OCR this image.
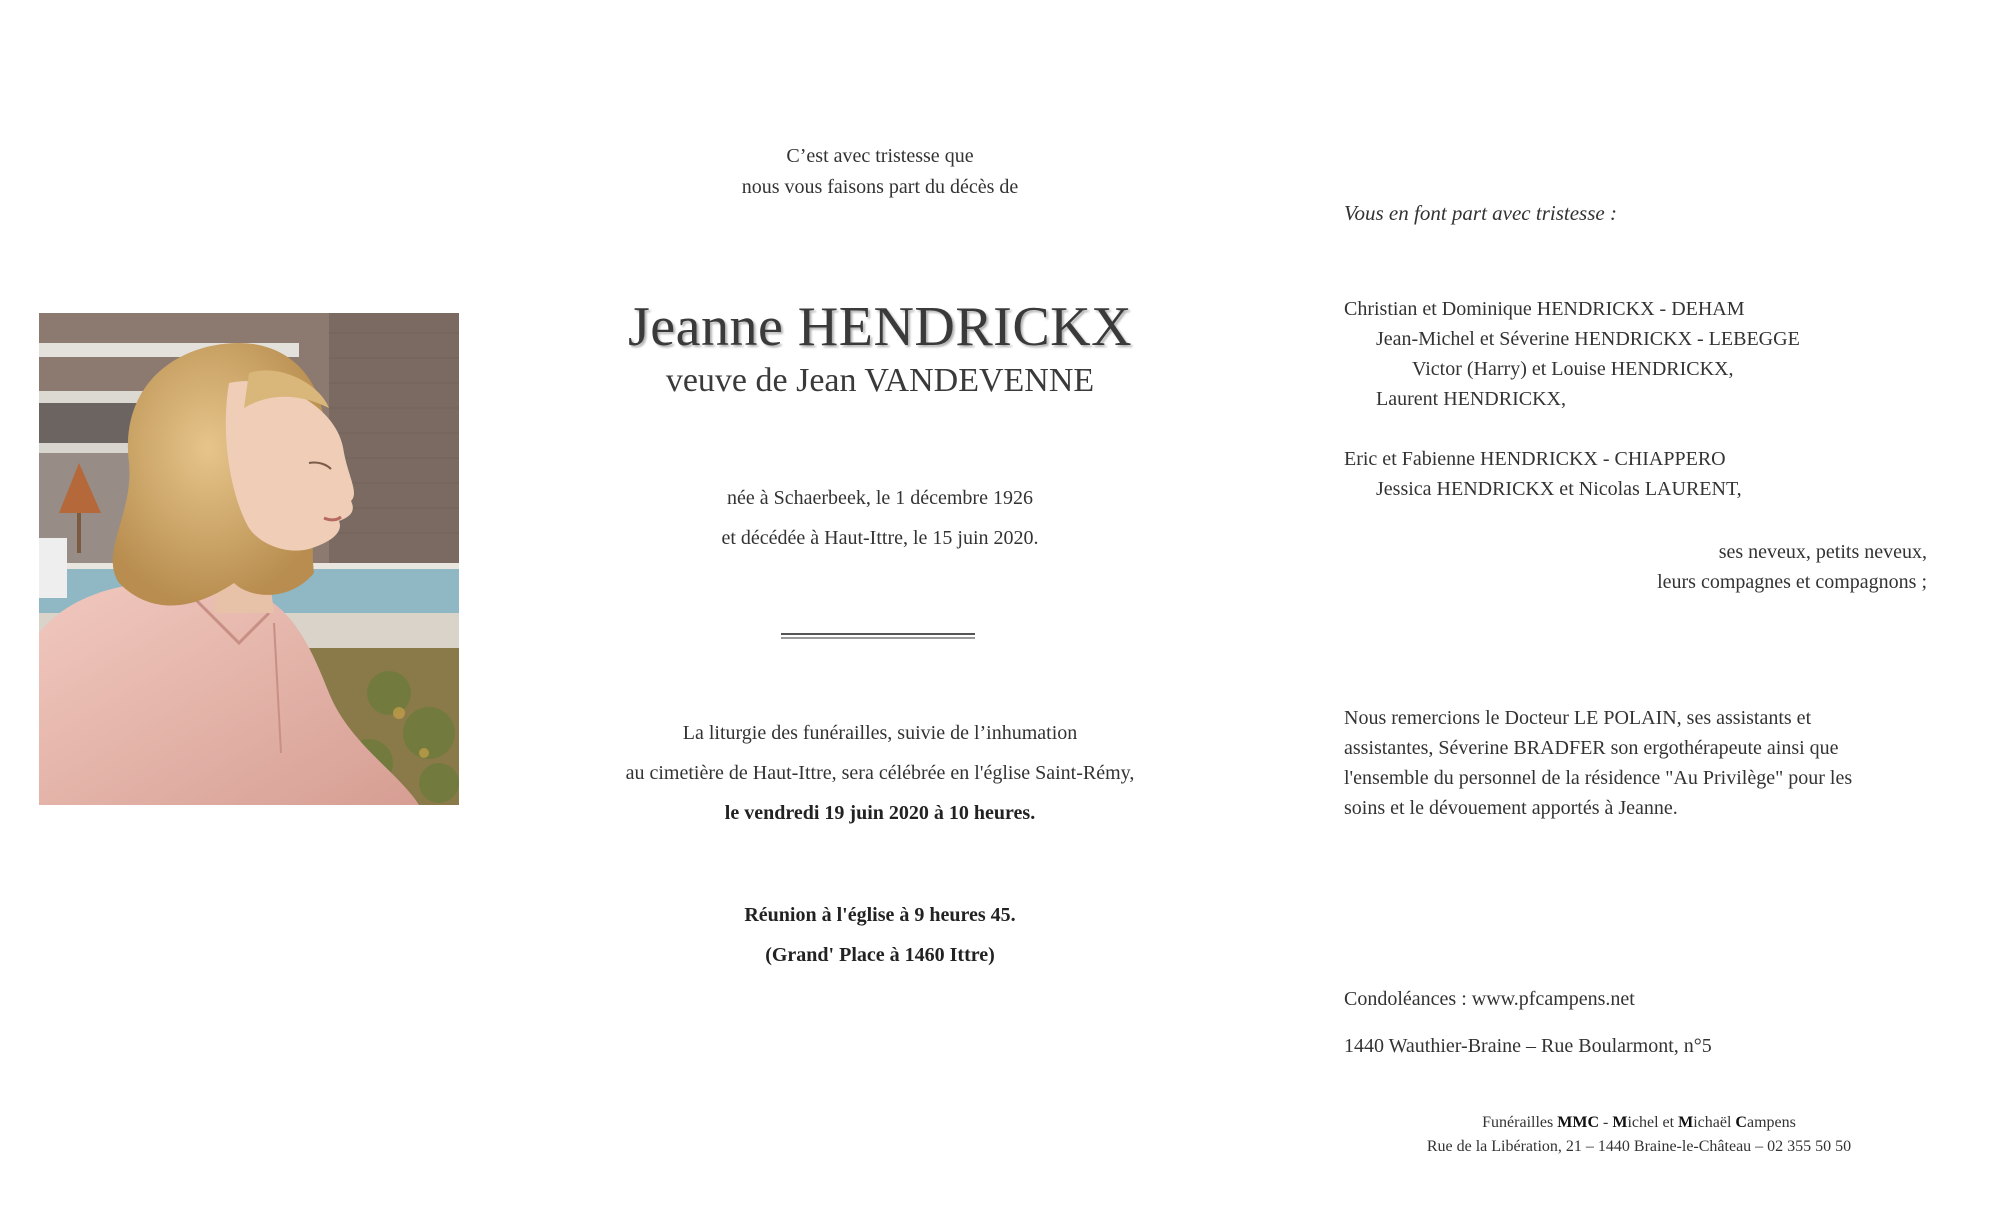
C’est avec tristesse que
nous vous faisons part du décès de
Jeanne HENDRICKX
veuve de Jean VANDEVENNE
née à Schaerbeek, le 1 décembre 1926
et décédée à Haut-Ittre, le 15 juin 2020.
La liturgie des funérailles, suivie de l’inhumation
au cimetière de Haut-Ittre, sera célébrée en l'église Saint-Rémy,
le vendredi 19 juin 2020 à 10 heures.
Réunion à l'église à 9 heures 45.
(Grand' Place à 1460 Ittre)
Vous en font part avec tristesse :
Christian et Dominique HENDRICKX - DEHAM
Jean-Michel et Séverine HENDRICKX - LEBEGGE
Victor (Harry) et Louise HENDRICKX,
Laurent HENDRICKX,
Eric et Fabienne HENDRICKX - CHIAPPERO
Jessica HENDRICKX et Nicolas LAURENT,
ses neveux, petits neveux,
leurs compagnes et compagnons ;
Nous remercions le Docteur LE POLAIN, ses assistants et
assistantes, Séverine BRADFER son ergothérapeute ainsi que
l'ensemble du personnel de la résidence "Au Privilège" pour les
soins et le dévouement apportés à Jeanne.
Condoléances : www.pfcampens.net
1440 Wauthier-Braine – Rue Boularmont, n°5
Funérailles MMC - Michel et Michaël Campens
Rue de la Libération, 21 – 1440 Braine-le-Château – 02 355 50 50
